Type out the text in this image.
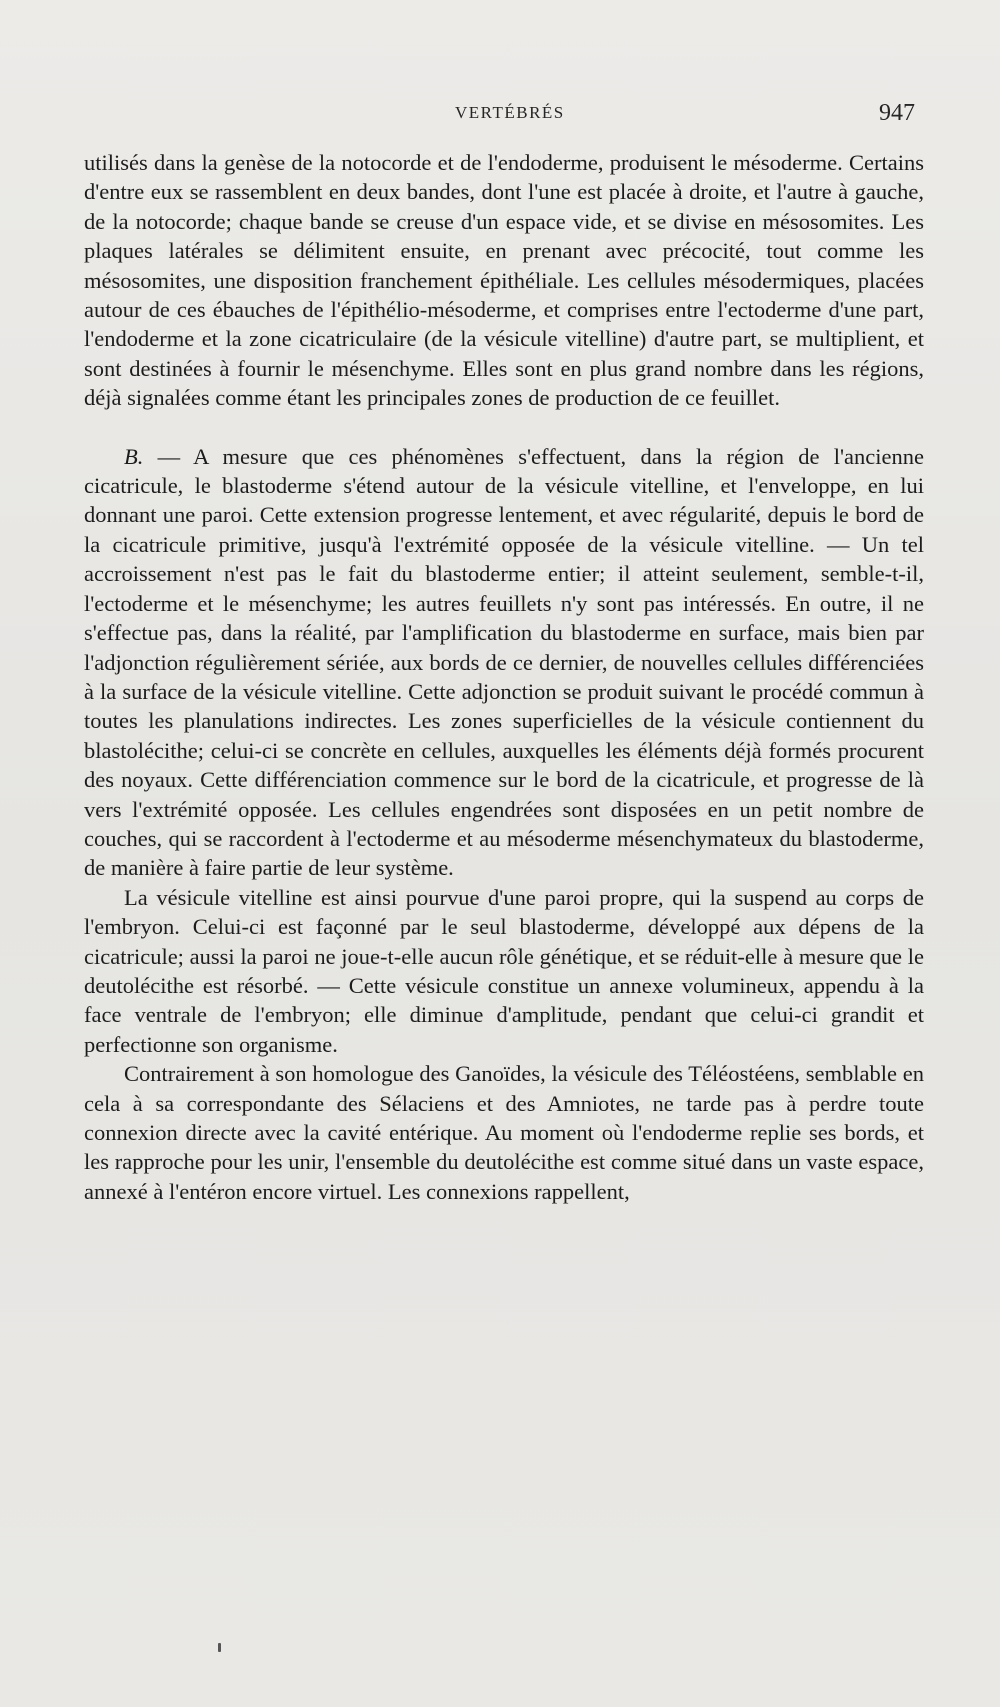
VERTÉBRÉS	947

utilisés dans la genèse de la notocorde et de l'endoderme, produisent le mésoderme. Certains d'entre eux se rassemblent en deux bandes, dont l'une est placée à droite, et l'autre à gauche, de la notocorde; chaque bande se creuse d'un espace vide, et se divise en mésosomites. Les plaques latérales se délimitent ensuite, en prenant avec précocité, tout comme les mésosomites, une disposition franchement épithéliale. Les cellules mésodermiques, placées autour de ces ébauches de l'épithélio-mésoderme, et comprises entre l'ectoderme d'une part, l'endoderme et la zone cicatriculaire (de la vésicule vitelline) d'autre part, se multiplient, et sont destinées à fournir le mésenchyme. Elles sont en plus grand nombre dans les régions, déjà signalées comme étant les principales zones de production de ce feuillet.

B. — A mesure que ces phénomènes s'effectuent, dans la région de l'ancienne cicatricule, le blastoderme s'étend autour de la vésicule vitelline, et l'enveloppe, en lui donnant une paroi. Cette extension progresse lentement, et avec régularité, depuis le bord de la cicatricule primitive, jusqu'à l'extrémité opposée de la vésicule vitelline. — Un tel accroissement n'est pas le fait du blastoderme entier; il atteint seulement, semble-t-il, l'ectoderme et le mésenchyme; les autres feuillets n'y sont pas intéressés. En outre, il ne s'effectue pas, dans la réalité, par l'amplification du blastoderme en surface, mais bien par l'adjonction régulièrement sériée, aux bords de ce dernier, de nouvelles cellules différenciées à la surface de la vésicule vitelline. Cette adjonction se produit suivant le procédé commun à toutes les planulations indirectes. Les zones superficielles de la vésicule contiennent du blastolécithe; celui-ci se concrète en cellules, auxquelles les éléments déjà formés procurent des noyaux. Cette différenciation commence sur le bord de la cicatricule, et progresse de là vers l'extrémité opposée. Les cellules engendrées sont disposées en un petit nombre de couches, qui se raccordent à l'ectoderme et au mésoderme mésenchymateux du blastoderme, de manière à faire partie de leur système.

La vésicule vitelline est ainsi pourvue d'une paroi propre, qui la suspend au corps de l'embryon. Celui-ci est façonné par le seul blastoderme, développé aux dépens de la cicatricule; aussi la paroi ne joue-t-elle aucun rôle génétique, et se réduit-elle à mesure que le deutolécithe est résorbé. — Cette vésicule constitue un annexe volumineux, appendu à la face ventrale de l'embryon; elle diminue d'amplitude, pendant que celui-ci grandit et perfectionne son organisme.

Contrairement à son homologue des Ganoïdes, la vésicule des Téléostéens, semblable en cela à sa correspondante des Sélaciens et des Amniotes, ne tarde pas à perdre toute connexion directe avec la cavité entérique. Au moment où l'endoderme replie ses bords, et les rapproche pour les unir, l'ensemble du deutolécithe est comme situé dans un vaste espace, annexé à l'entéron encore virtuel. Les connexions rappellent,
